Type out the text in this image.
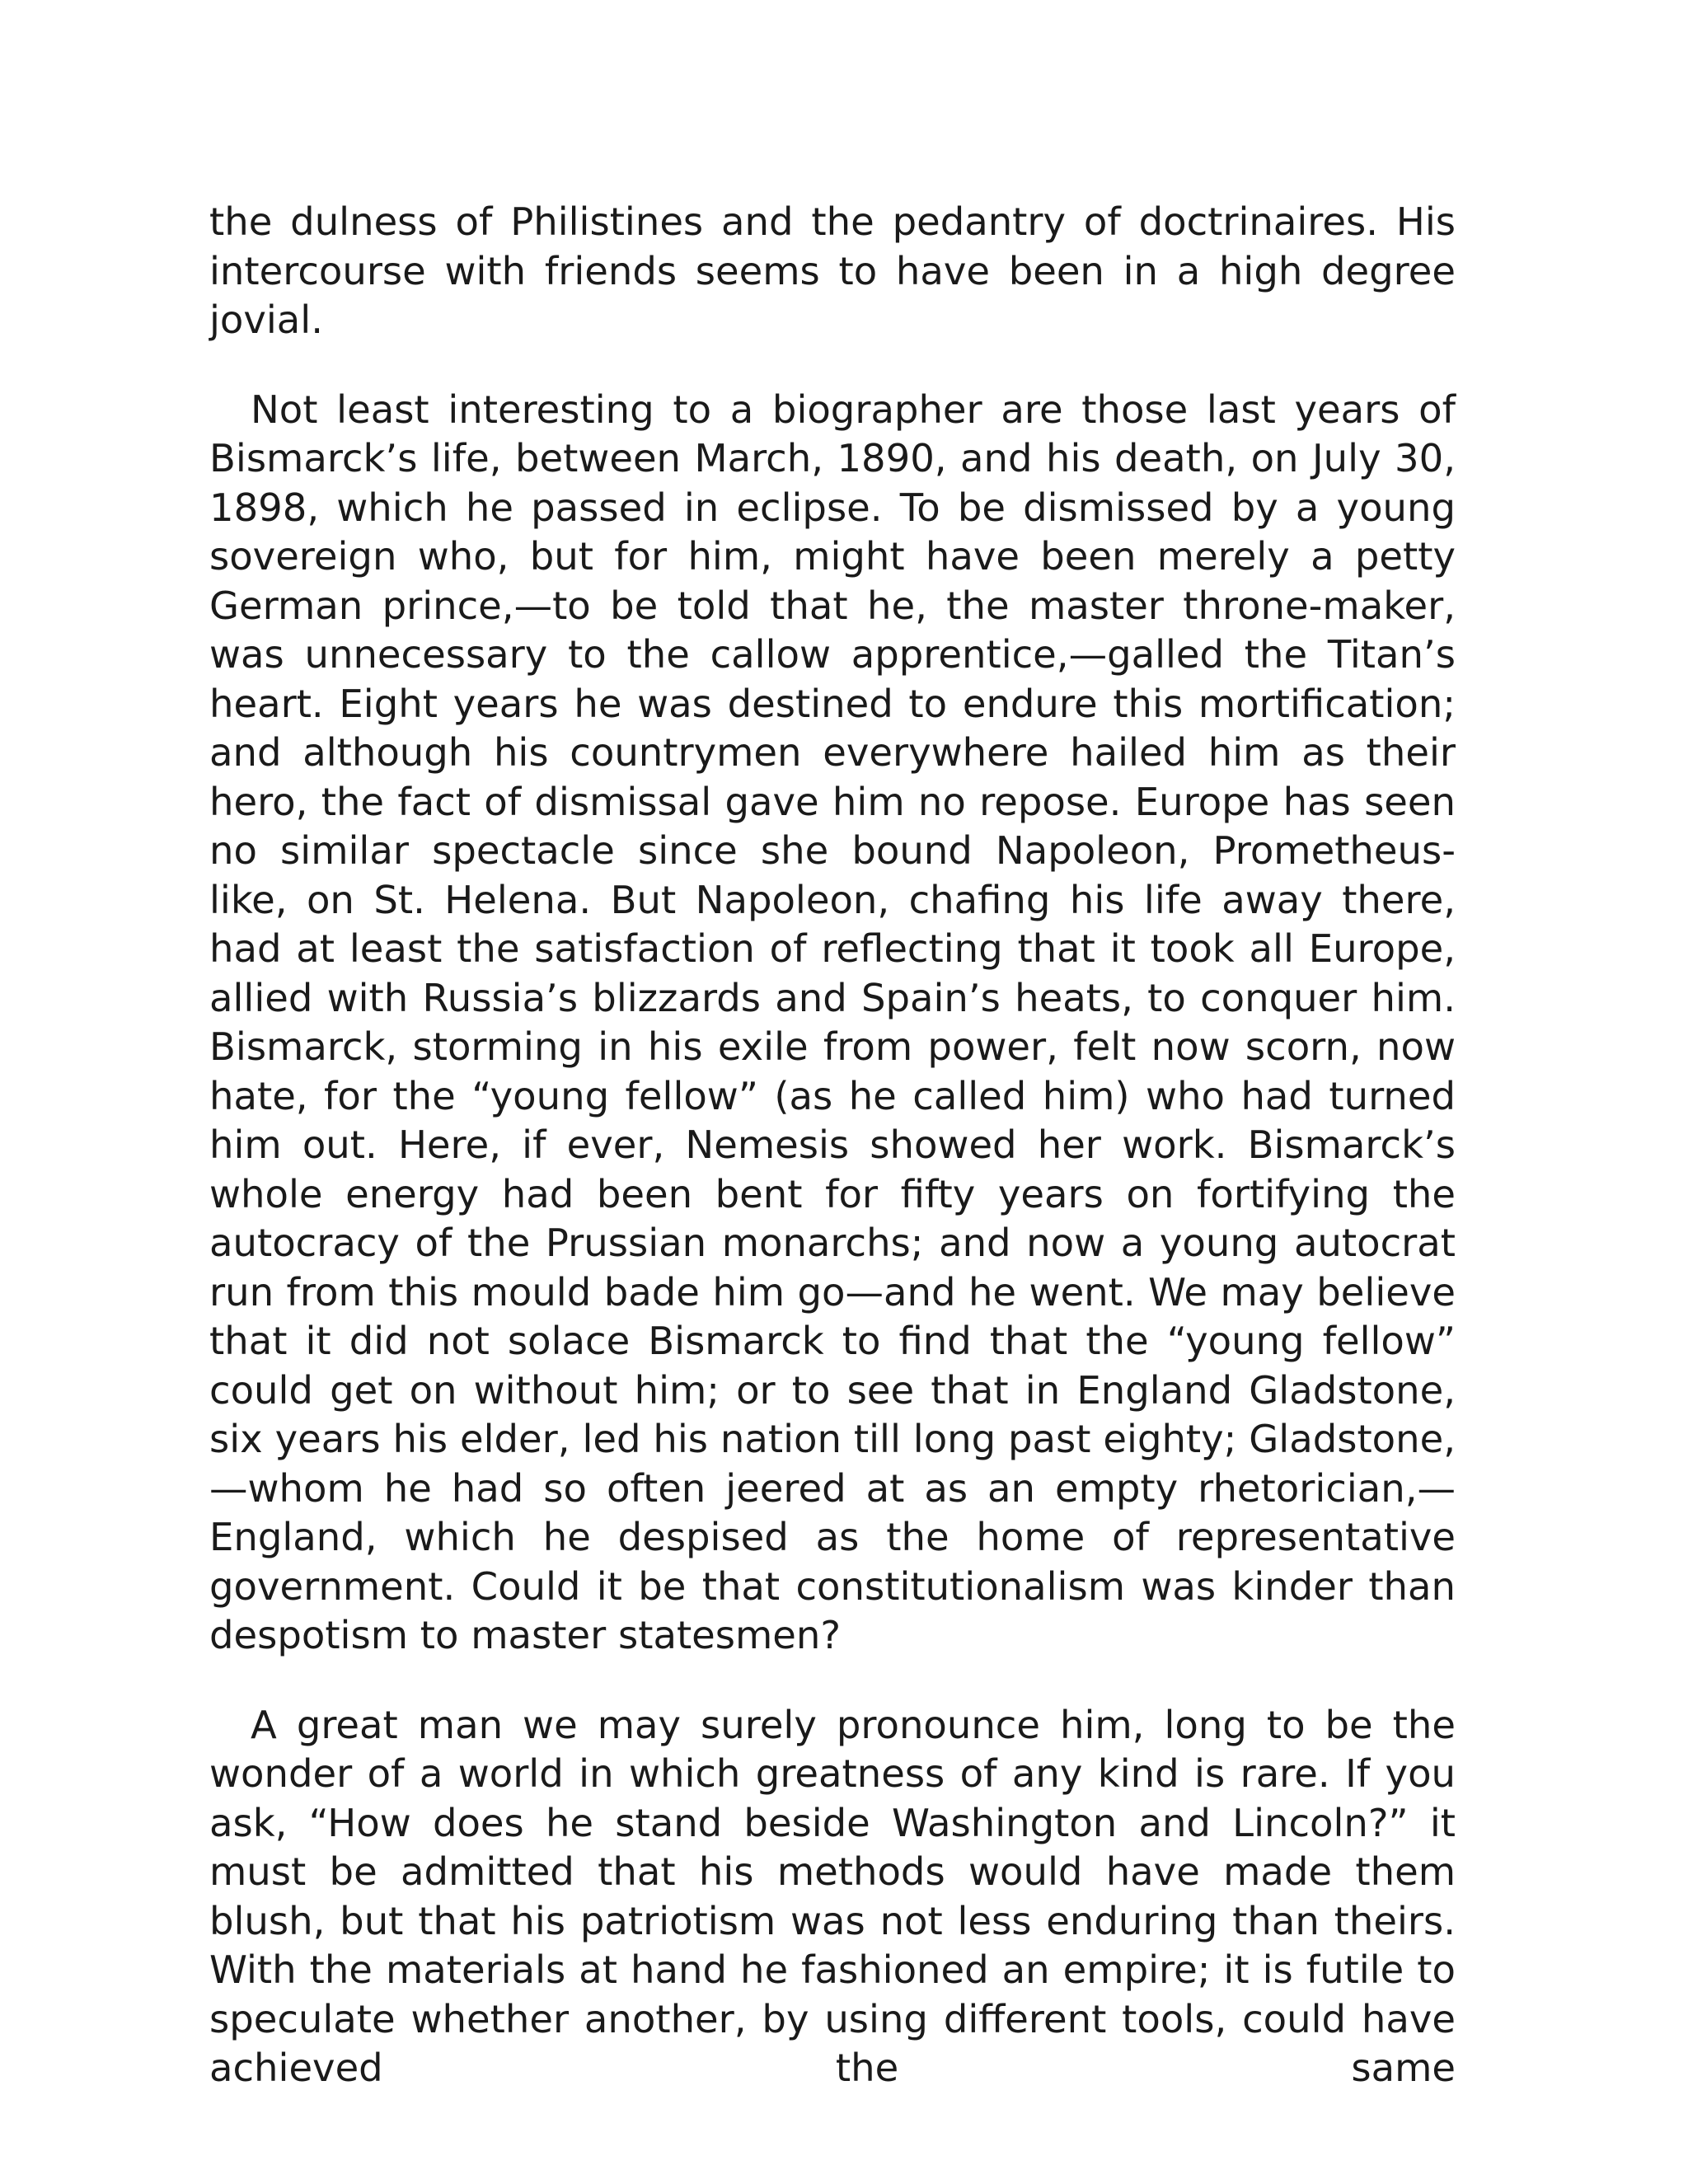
the dulness of Philistines and the pedantry of doctrinaires. His intercourse with friends seems to have been in a high degree jovial.

Not least interesting to a biographer are those last years of Bismarck’s life, between March, 1890, and his death, on July 30, 1898, which he passed in eclipse. To be dismissed by a young sovereign who, but for him, might have been merely a petty German prince,—to be told that he, the master throne-maker, was unnecessary to the callow apprentice,—galled the Titan’s heart. Eight years he was destined to endure this mortification; and although his countrymen everywhere hailed him as their hero, the fact of dismissal gave him no repose. Europe has seen no similar spectacle since she bound Napoleon, Prometheus-like, on St. Helena. But Napoleon, chafing his life away there, had at least the satisfaction of reflecting that it took all Europe, allied with Russia’s blizzards and Spain’s heats, to conquer him. Bismarck, storming in his exile from power, felt now scorn, now hate, for the “young fellow” (as he called him) who had turned him out. Here, if ever, Nemesis showed her work. Bismarck’s whole energy had been bent for fifty years on fortifying the autocracy of the Prussian monarchs; and now a young autocrat run from this mould bade him go—and he went. We may believe that it did not solace Bismarck to find that the “young fellow” could get on without him; or to see that in England Gladstone, six years his elder, led his nation till long past eighty; Gladstone,—whom he had so often jeered at as an empty rhetorician,—England, which he despised as the home of representative government. Could it be that constitutionalism was kinder than despotism to master statesmen?

A great man we may surely pronounce him, long to be the wonder of a world in which greatness of any kind is rare. If you ask, “How does he stand beside Washington and Lincoln?” it must be admitted that his methods would have made them blush, but that his patriotism was not less enduring than theirs. With the materials at hand he fashioned an empire; it is futile to speculate whether another, by using different tools, could have achieved the same
